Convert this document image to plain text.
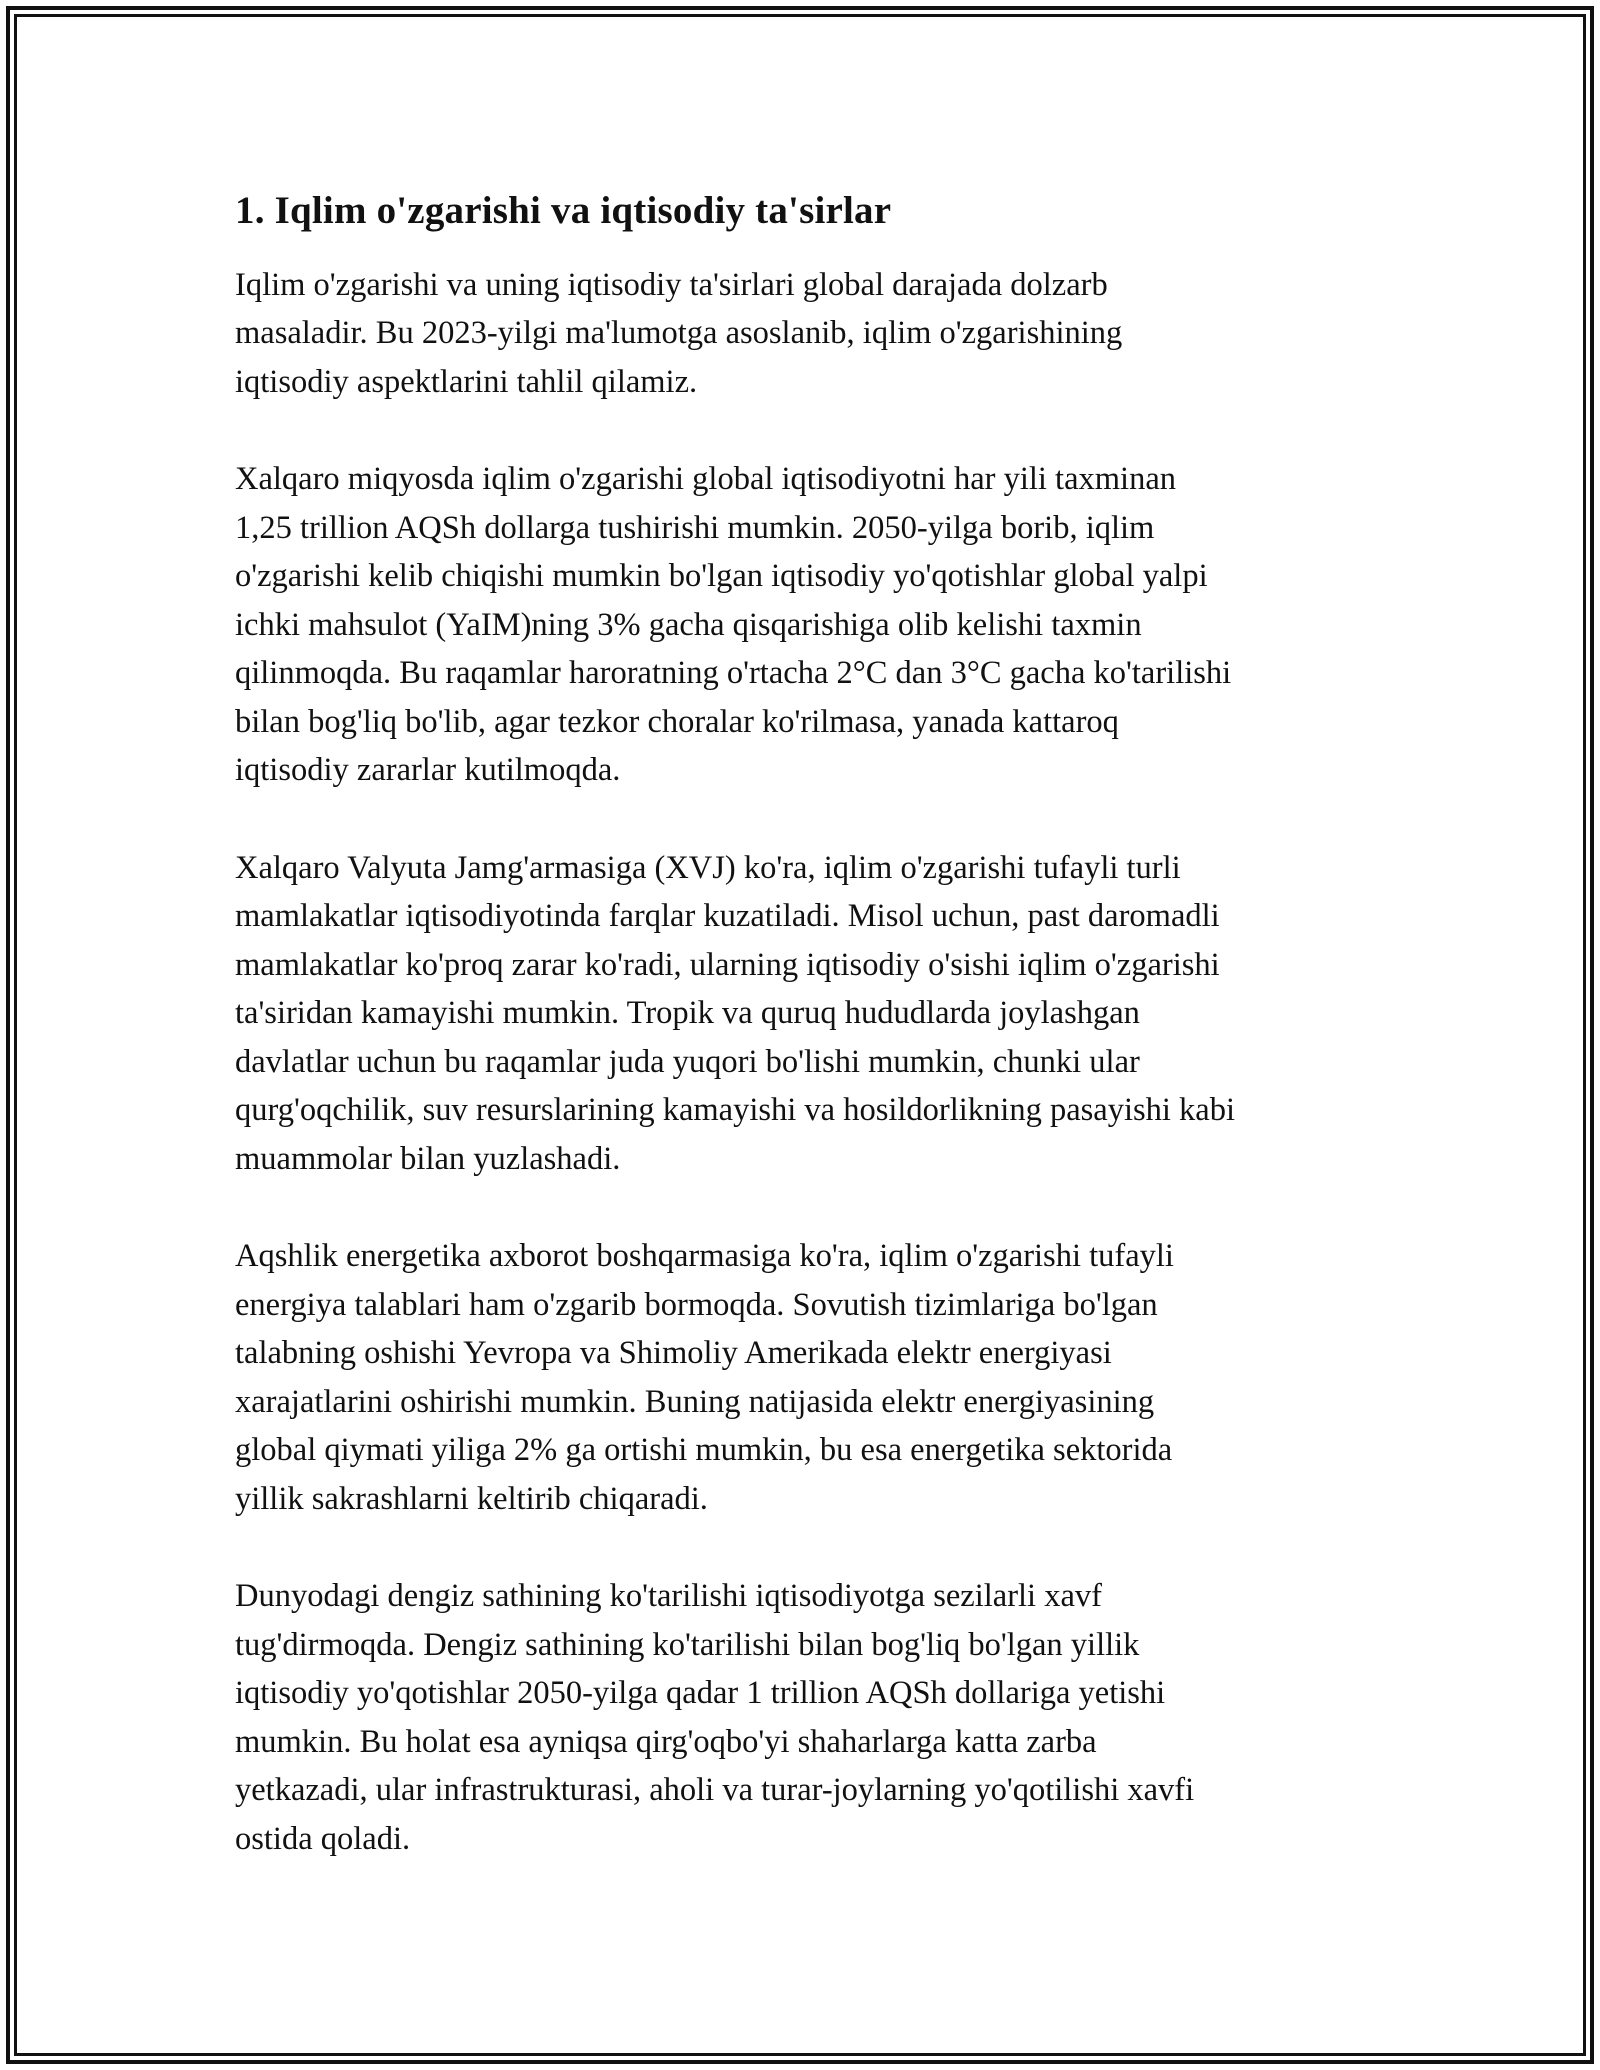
1. Iqlim o'zgarishi va iqtisodiy ta'sirlar

Iqlim o'zgarishi va uning iqtisodiy ta'sirlari global darajada dolzarb
masaladir. Bu 2023-yilgi ma'lumotga asoslanib, iqlim o'zgarishining
iqtisodiy aspektlarini tahlil qilamiz.

Xalqaro miqyosda iqlim o'zgarishi global iqtisodiyotni har yili taxminan
1,25 trillion AQSh dollarga tushirishi mumkin. 2050-yilga borib, iqlim
o'zgarishi kelib chiqishi mumkin bo'lgan iqtisodiy yo'qotishlar global yalpi
ichki mahsulot (YaIM)ning 3% gacha qisqarishiga olib kelishi taxmin
qilinmoqda. Bu raqamlar haroratning o'rtacha 2°C dan 3°C gacha ko'tarilishi
bilan bog'liq bo'lib, agar tezkor choralar ko'rilmasa, yanada kattaroq
iqtisodiy zararlar kutilmoqda.

Xalqaro Valyuta Jamg'armasiga (XVJ) ko'ra, iqlim o'zgarishi tufayli turli
mamlakatlar iqtisodiyotinda farqlar kuzatiladi. Misol uchun, past daromadli
mamlakatlar ko'proq zarar ko'radi, ularning iqtisodiy o'sishi iqlim o'zgarishi
ta'siridan kamayishi mumkin. Tropik va quruq hududlarda joylashgan
davlatlar uchun bu raqamlar juda yuqori bo'lishi mumkin, chunki ular
qurg'oqchilik, suv resurslarining kamayishi va hosildorlikning pasayishi kabi
muammolar bilan yuzlashadi.

Aqshlik energetika axborot boshqarmasiga ko'ra, iqlim o'zgarishi tufayli
energiya talablari ham o'zgarib bormoqda. Sovutish tizimlariga bo'lgan
talabning oshishi Yevropa va Shimoliy Amerikada elektr energiyasi
xarajatlarini oshirishi mumkin. Buning natijasida elektr energiyasining
global qiymati yiliga 2% ga ortishi mumkin, bu esa energetika sektorida
yillik sakrashlarni keltirib chiqaradi.

Dunyodagi dengiz sathining ko'tarilishi iqtisodiyotga sezilarli xavf
tug'dirmoqda. Dengiz sathining ko'tarilishi bilan bog'liq bo'lgan yillik
iqtisodiy yo'qotishlar 2050-yilga qadar 1 trillion AQSh dollariga yetishi
mumkin. Bu holat esa ayniqsa qirg'oqbo'yi shaharlarga katta zarba
yetkazadi, ular infrastrukturasi, aholi va turar-joylarning yo'qotilishi xavfi
ostida qoladi.
